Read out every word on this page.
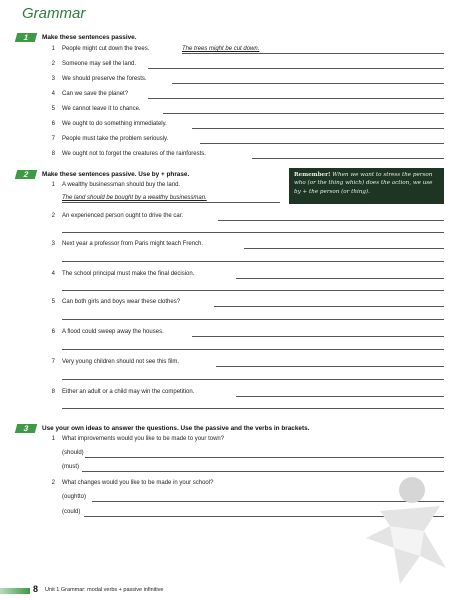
Grammar
1	Make these sentences passive.
1 People might cut down the trees.	The trees might be cut down.
2 Someone may sell the land.
3 We should preserve the forests.
4 Can we save the planet?
5 We cannot leave it to chance.
6 We ought to do something immediately.
7 People must take the problem seriously.
8 We ought not to forget the creatures of the rainforests.
2	Make these sentences passive. Use by + phrase.	Remember! When we want to stress the person who (or the thing which) does the action, we use by + the person (or thing).
1 A wealthy businessman should buy the land.
The land should be bought by a wealthy businessman.
2 An experienced person ought to drive the car.
3 Next year a professor from Paris might teach French.
4 The school principal must make the final decision.
5 Can both girls and boys wear these clothes?
6 A flood could sweep away the houses.
7 Very young children should not see this film.
8 Either an adult or a child may win the competition.
3	Use your own ideas to answer the questions. Use the passive and the verbs in brackets.
1 What improvements would you like to be made to your town?
(should)
(must)
2 What changes would you like to be made in your school?
(oughtto)
(could)
8 Unit 1 Grammar: modal verbs + passive infinitive
